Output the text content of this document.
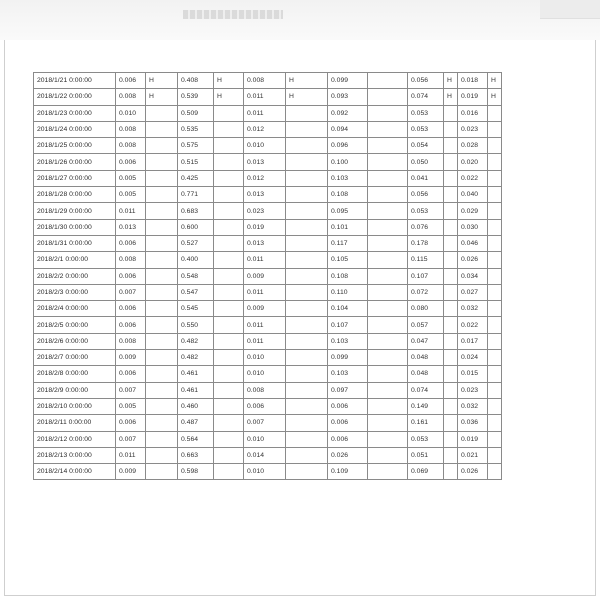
2018/1/21 0:00:00	0.006	H	0.408	H	0.008	H	0.099		0.056	H	0.018	H
2018/1/22 0:00:00	0.008	H	0.539	H	0.011	H	0.093		0.074	H	0.019	H
2018/1/23 0:00:00	0.010		0.509		0.011		0.092		0.053		0.016	
2018/1/24 0:00:00	0.008		0.535		0.012		0.094		0.053		0.023	
2018/1/25 0:00:00	0.008		0.575		0.010		0.096		0.054		0.028	
2018/1/26 0:00:00	0.006		0.515		0.013		0.100		0.050		0.020	
2018/1/27 0:00:00	0.005		0.425		0.012		0.103		0.041		0.022	
2018/1/28 0:00:00	0.005		0.771		0.013		0.108		0.056		0.040	
2018/1/29 0:00:00	0.011		0.683		0.023		0.095		0.053		0.029	
2018/1/30 0:00:00	0.013		0.600		0.019		0.101		0.076		0.030	
2018/1/31 0:00:00	0.006		0.527		0.013		0.117		0.178		0.046	
2018/2/1 0:00:00	0.008		0.400		0.011		0.105		0.115		0.026	
2018/2/2 0:00:00	0.006		0.548		0.009		0.108		0.107		0.034	
2018/2/3 0:00:00	0.007		0.547		0.011		0.110		0.072		0.027	
2018/2/4 0:00:00	0.006		0.545		0.009		0.104		0.080		0.032	
2018/2/5 0:00:00	0.006		0.550		0.011		0.107		0.057		0.022	
2018/2/6 0:00:00	0.008		0.482		0.011		0.103		0.047		0.017	
2018/2/7 0:00:00	0.009		0.482		0.010		0.099		0.048		0.024	
2018/2/8 0:00:00	0.006		0.461		0.010		0.103		0.048		0.015	
2018/2/9 0:00:00	0.007		0.461		0.008		0.097		0.074		0.023	
2018/2/10 0:00:00	0.005		0.460		0.006		0.006		0.149		0.032	
2018/2/11 0:00:00	0.006		0.487		0.007		0.006		0.161		0.036	
2018/2/12 0:00:00	0.007		0.564		0.010		0.006		0.053		0.019	
2018/2/13 0:00:00	0.011		0.663		0.014		0.026		0.051		0.021	
2018/2/14 0:00:00	0.009		0.598		0.010		0.109		0.069		0.026	
